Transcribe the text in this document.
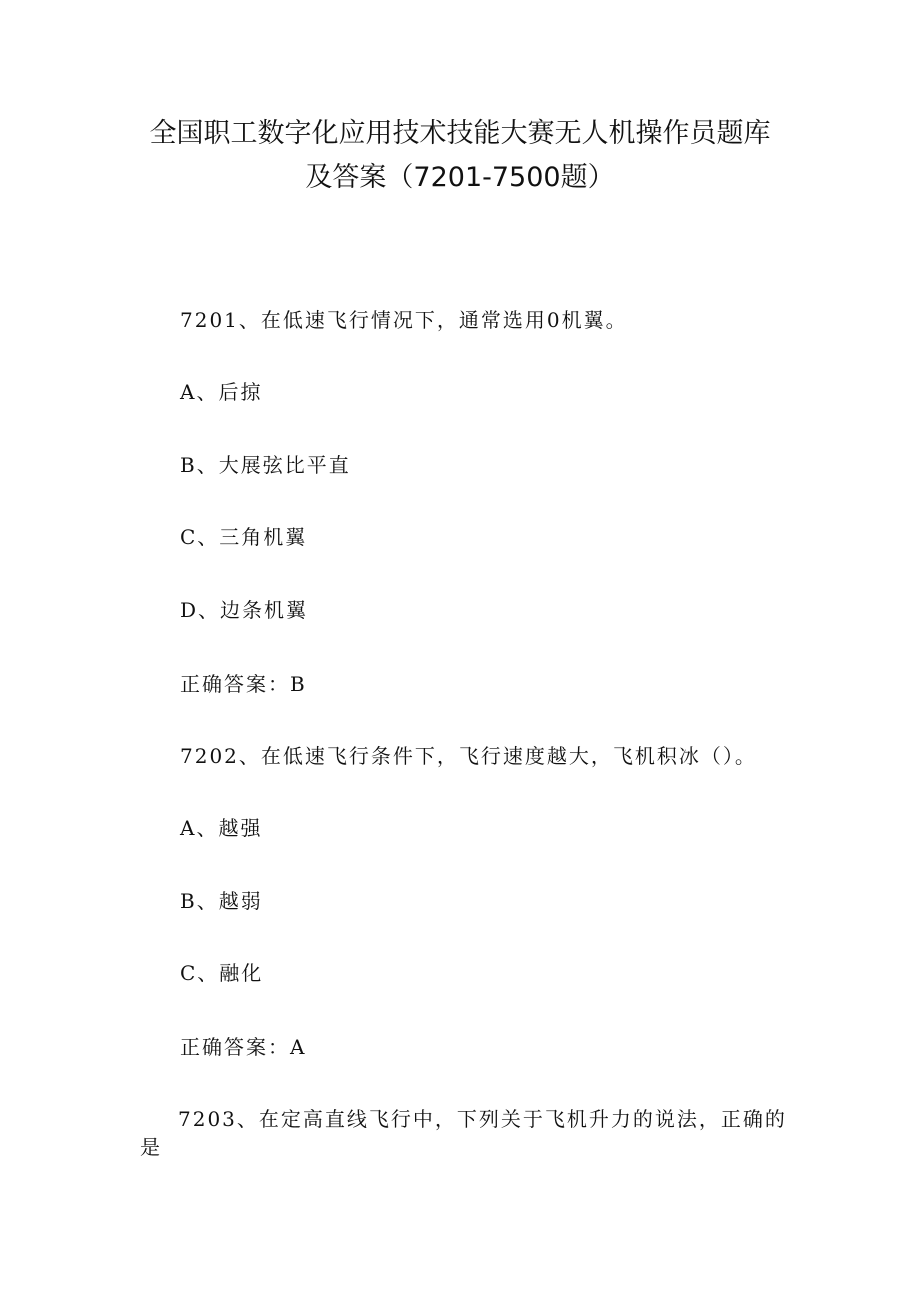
全国职工数字化应用技术技能大赛无人机操作员题库
及答案（7201-7500题）
7201、在低速飞行情况下，通常选用0机翼。
A、后掠
B、大展弦比平直
C、三角机翼
D、边条机翼
正确答案：B
7202、在低速飞行条件下，飞行速度越大，飞机积冰（）。
A、越强
B、越弱
C、融化
正确答案：A
7203、在定高直线飞行中，下列关于飞机升力的说法，正确的
是
